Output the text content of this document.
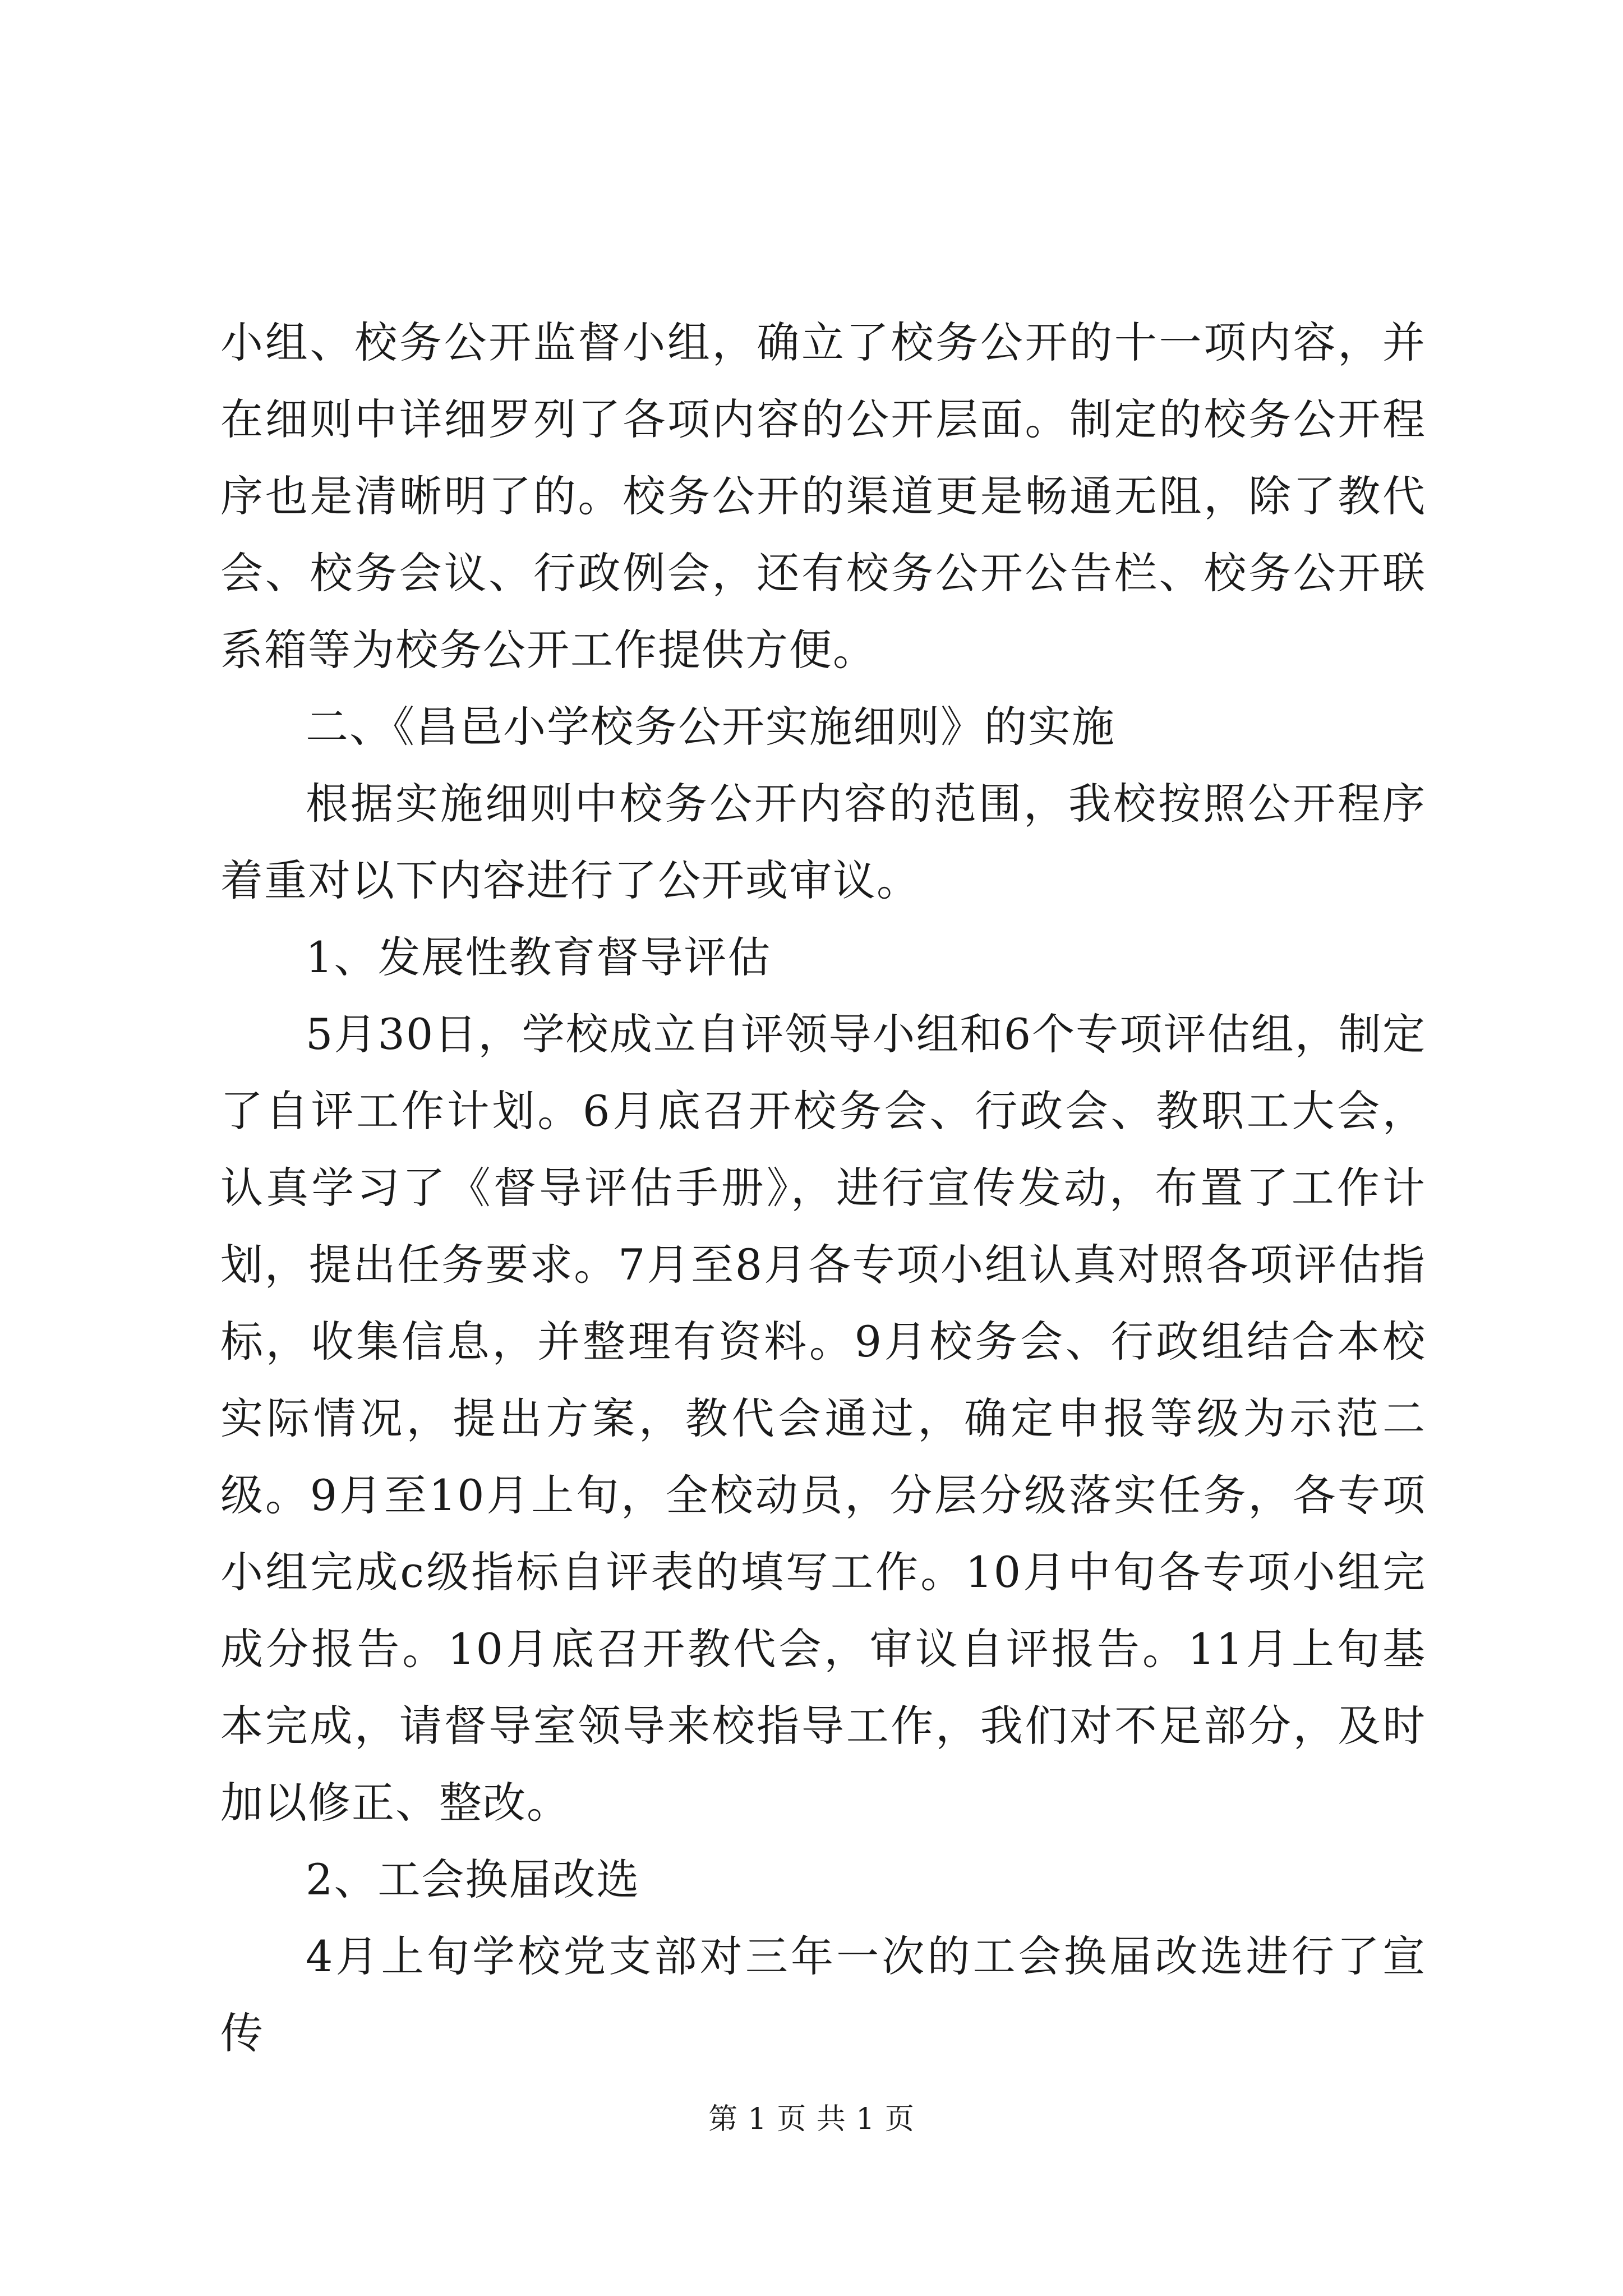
小组、校务公开监督小组，确立了校务公开的十一项内容，并在细则中详细罗列了各项内容的公开层面。制定的校务公开程序也是清晰明了的。校务公开的渠道更是畅通无阻，除了教代会、校务会议、行政例会，还有校务公开公告栏、校务公开联系箱等为校务公开工作提供方便。

二、《昌邑小学校务公开实施细则》的实施

根据实施细则中校务公开内容的范围，我校按照公开程序着重对以下内容进行了公开或审议。

1、发展性教育督导评估

5月30日，学校成立自评领导小组和6个专项评估组，制定了自评工作计划。6月底召开校务会、行政会、教职工大会，认真学习了《督导评估手册》，进行宣传发动，布置了工作计划，提出任务要求。7月至8月各专项小组认真对照各项评估指标，收集信息，并整理有资料。9月校务会、行政组结合本校实际情况，提出方案，教代会通过，确定申报等级为示范二级。9月至10月上旬，全校动员，分层分级落实任务，各专项小组完成c级指标自评表的填写工作。10月中旬各专项小组完成分报告。10月底召开教代会，审议自评报告。11月上旬基本完成，请督导室领导来校指导工作，我们对不足部分，及时加以修正、整改。

2、工会换届改选

4月上旬学校党支部对三年一次的工会换届改选进行了宣传

第 1 页 共 1 页
